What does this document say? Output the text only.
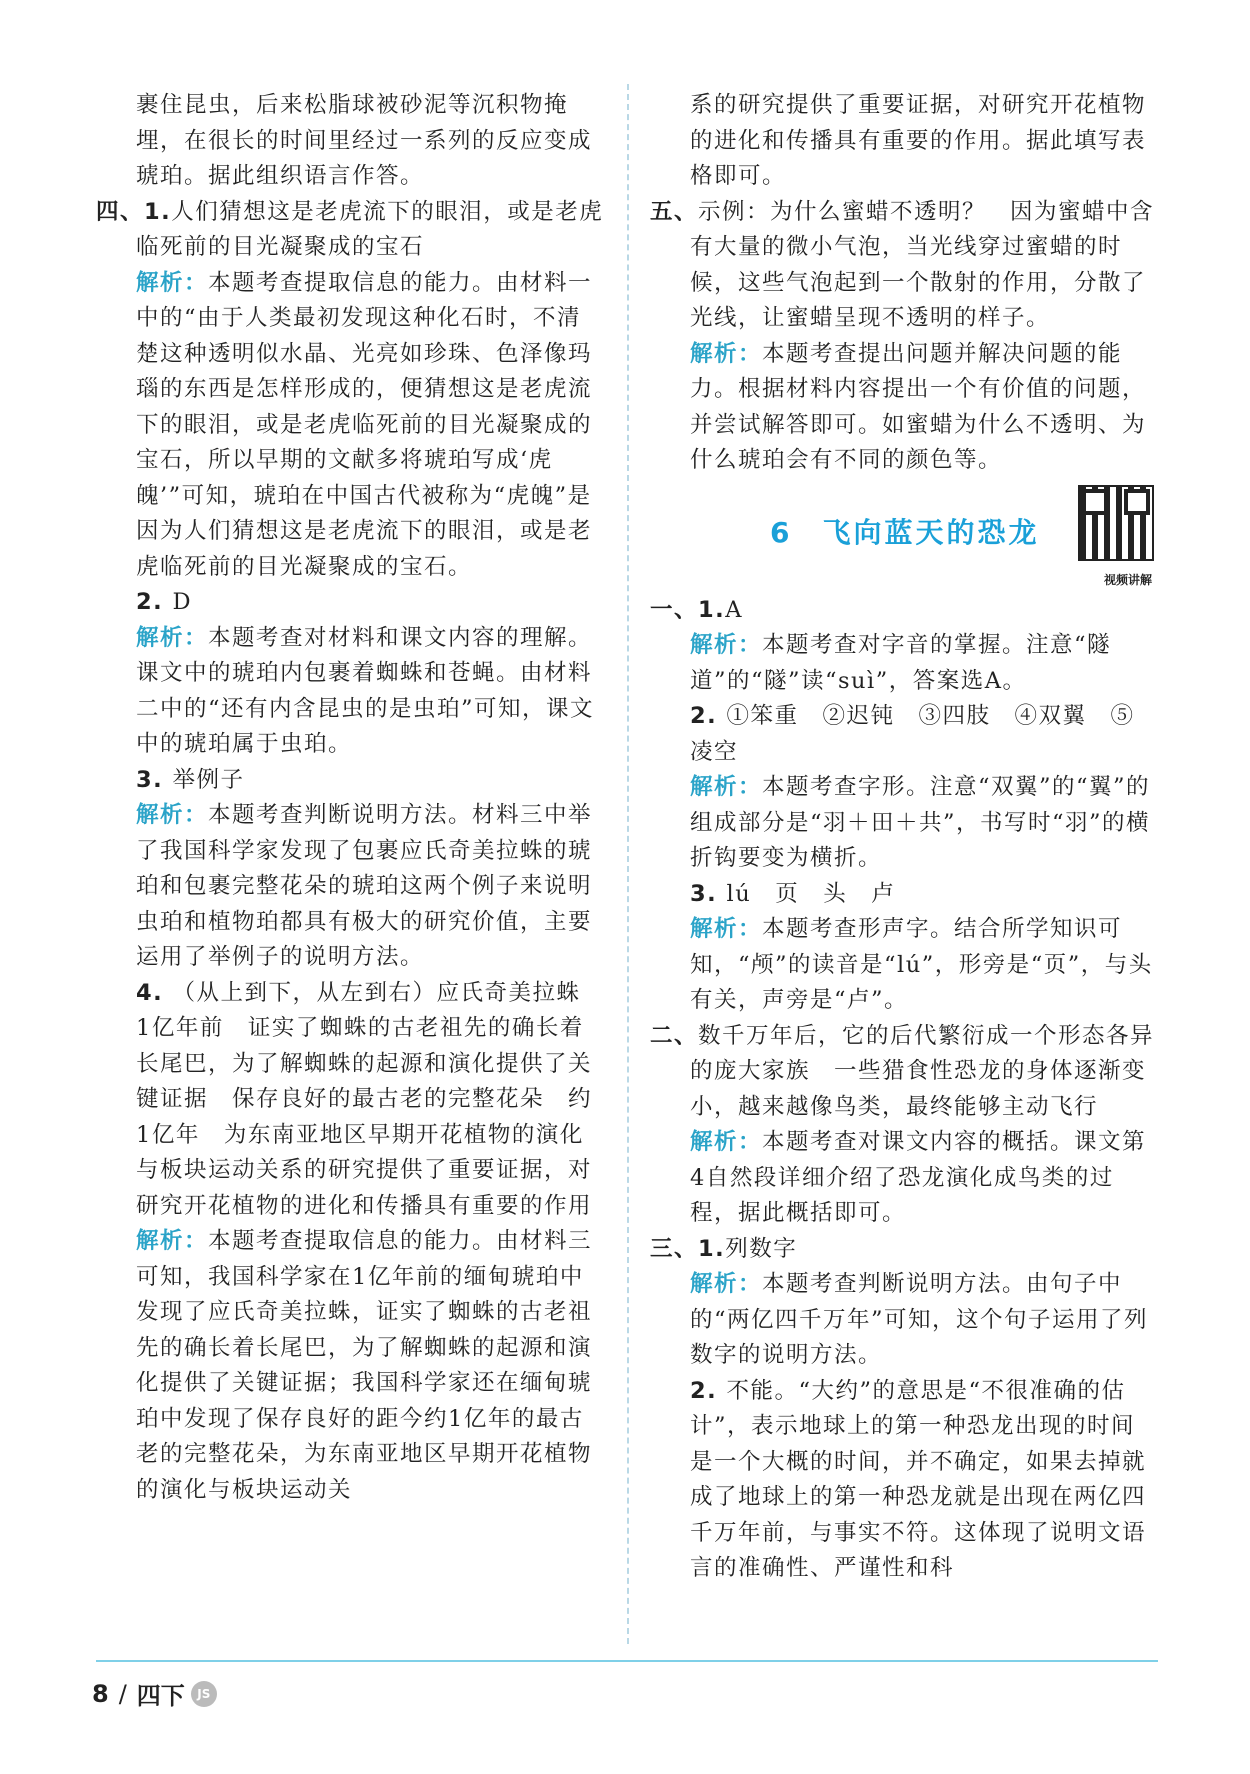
裹住昆虫，后来松脂球被砂泥等沉积物掩埋，在很长的时间里经过一系列的反应变成琥珀。据此组织语言作答。

四、1.人们猜想这是老虎流下的眼泪，或是老虎临死前的目光凝聚成的宝石

解析：本题考查提取信息的能力。由材料一中的“由于人类最初发现这种化石时，不清楚这种透明似水晶、光亮如珍珠、色泽像玛瑙的东西是怎样形成的，便猜想这是老虎流下的眼泪，或是老虎临死前的目光凝聚成的宝石，所以早期的文献多将琥珀写成‘虎魄’”可知，琥珀在中国古代被称为“虎魄”是因为人们猜想这是老虎流下的眼泪，或是老虎临死前的目光凝聚成的宝石。

2. D

解析：本题考查对材料和课文内容的理解。课文中的琥珀内包裹着蜘蛛和苍蝇。由材料二中的“还有内含昆虫的是虫珀”可知，课文中的琥珀属于虫珀。

3. 举例子

解析：本题考查判断说明方法。材料三中举了我国科学家发现了包裹应氏奇美拉蛛的琥珀和包裹完整花朵的琥珀这两个例子来说明虫珀和植物珀都具有极大的研究价值，主要运用了举例子的说明方法。

4. （从上到下，从左到右）应氏奇美拉蛛　1亿年前　证实了蜘蛛的古老祖先的确长着长尾巴，为了解蜘蛛的起源和演化提供了关键证据　保存良好的最古老的完整花朵　约1亿年　为东南亚地区早期开花植物的演化与板块运动关系的研究提供了重要证据，对研究开花植物的进化和传播具有重要的作用

解析：本题考查提取信息的能力。由材料三可知，我国科学家在1亿年前的缅甸琥珀中发现了应氏奇美拉蛛，证实了蜘蛛的古老祖先的确长着长尾巴，为了解蜘蛛的起源和演化提供了关键证据；我国科学家还在缅甸琥珀中发现了保存良好的距今约1亿年的最古老的完整花朵，为东南亚地区早期开花植物的演化与板块运动关

系的研究提供了重要证据，对研究开花植物的进化和传播具有重要的作用。据此填写表格即可。

五、示例：为什么蜜蜡不透明？　因为蜜蜡中含有大量的微小气泡，当光线穿过蜜蜡的时候，这些气泡起到一个散射的作用，分散了光线，让蜜蜡呈现不透明的样子。

解析：本题考查提出问题并解决问题的能力。根据材料内容提出一个有价值的问题，并尝试解答即可。如蜜蜡为什么不透明、为什么琥珀会有不同的颜色等。

6 飞向蓝天的恐龙
视频讲解

一、1.A

解析：本题考查对字音的掌握。注意“隧道”的“隧”读“suì”，答案选A。

2. ①笨重　②迟钝　③四肢　④双翼　⑤凌空

解析：本题考查字形。注意“双翼”的“翼”的组成部分是“羽＋田＋共”，书写时“羽”的横折钩要变为横折。

3. lú　页　头　卢

解析：本题考查形声字。结合所学知识可知，“颅”的读音是“lú”，形旁是“页”，与头有关，声旁是“卢”。

二、数千万年后，它的后代繁衍成一个形态各异的庞大家族　一些猎食性恐龙的身体逐渐变小，越来越像鸟类，最终能够主动飞行

解析：本题考查对课文内容的概括。课文第4自然段详细介绍了恐龙演化成鸟类的过程，据此概括即可。

三、1.列数字

解析：本题考查判断说明方法。由句子中的“两亿四千万年”可知，这个句子运用了列数字的说明方法。

2. 不能。“大约”的意思是“不很准确的估计”，表示地球上的第一种恐龙出现的时间是一个大概的时间，并不确定，如果去掉就成了地球上的第一种恐龙就是出现在两亿四千万年前，与事实不符。这体现了说明文语言的准确性、严谨性和科

8 / 四下	JS
